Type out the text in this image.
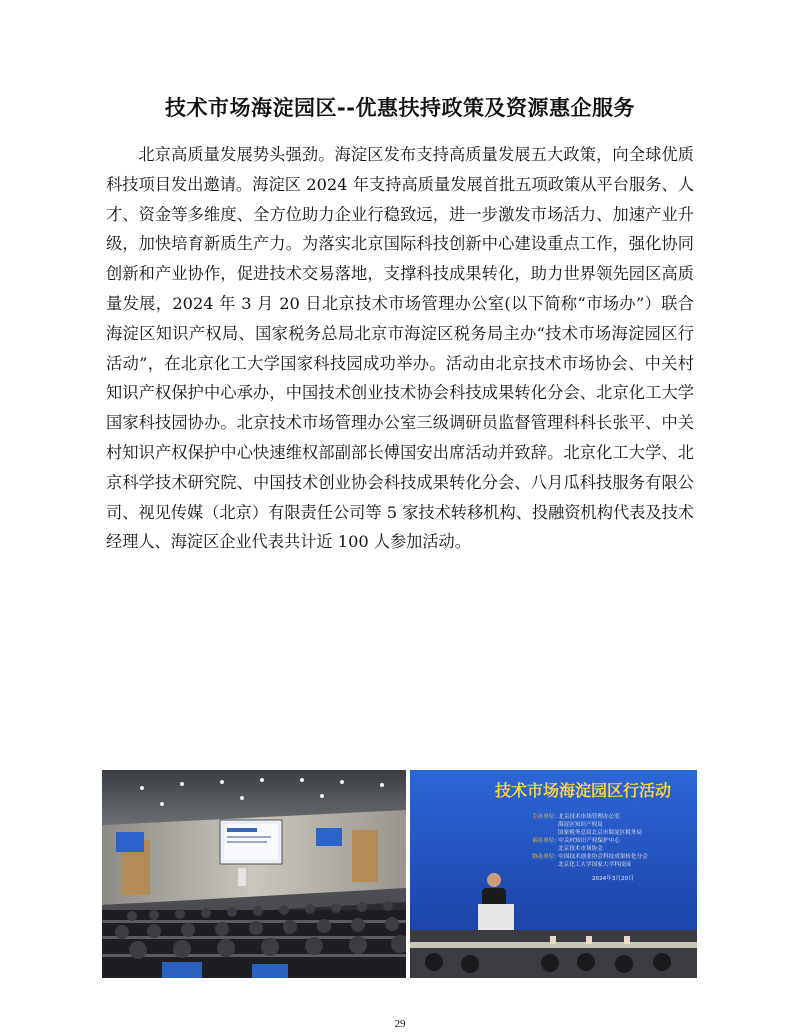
技术市场海淀园区--优惠扶持政策及资源惠企服务

北京高质量发展势头强劲。海淀区发布支持高质量发展五大政策，向全球优质科技项目发出邀请。海淀区 2024 年支持高质量发展首批五项政策从平台服务、人才、资金等多维度、全方位助力企业行稳致远，进一步激发市场活力、加速产业升级，加快培育新质生产力。为落实北京国际科技创新中心建设重点工作，强化协同创新和产业协作，促进技术交易落地，支撑科技成果转化，助力世界领先园区高质量发展，2024 年 3 月 20 日北京技术市场管理办公室(以下简称“市场办”）联合海淀区知识产权局、国家税务总局北京市海淀区税务局主办“技术市场海淀园区行活动”，在北京化工大学国家科技园成功举办。活动由北京技术市场协会、中关村知识产权保护中心承办，中国技术创业技术协会科技成果转化分会、北京化工大学国家科技园协办。北京技术市场管理办公室三级调研员监督管理科科长张平、中关村知识产权保护中心快速维权部副部长傅国安出席活动并致辞。北京化工大学、北京科学技术研究院、中国技术创业协会科技成果转化分会、八月瓜科技服务有限公司、视见传媒（北京）有限责任公司等 5 家技术转移机构、投融资机构代表及技术经理人、海淀区企业代表共计近 100 人参加活动。

技术市场海淀园区行活动
主办单位: 北京技术市场管理办公室
海淀区知识产权局
国家税务总局北京市海淀区税务局
承办单位: 中关村知识产权保护中心
北京技术市场协会
协办单位: 中国技术创业协会科技成果转化分会
北京化工大学国家大学科技园
2024年3月20日
29
